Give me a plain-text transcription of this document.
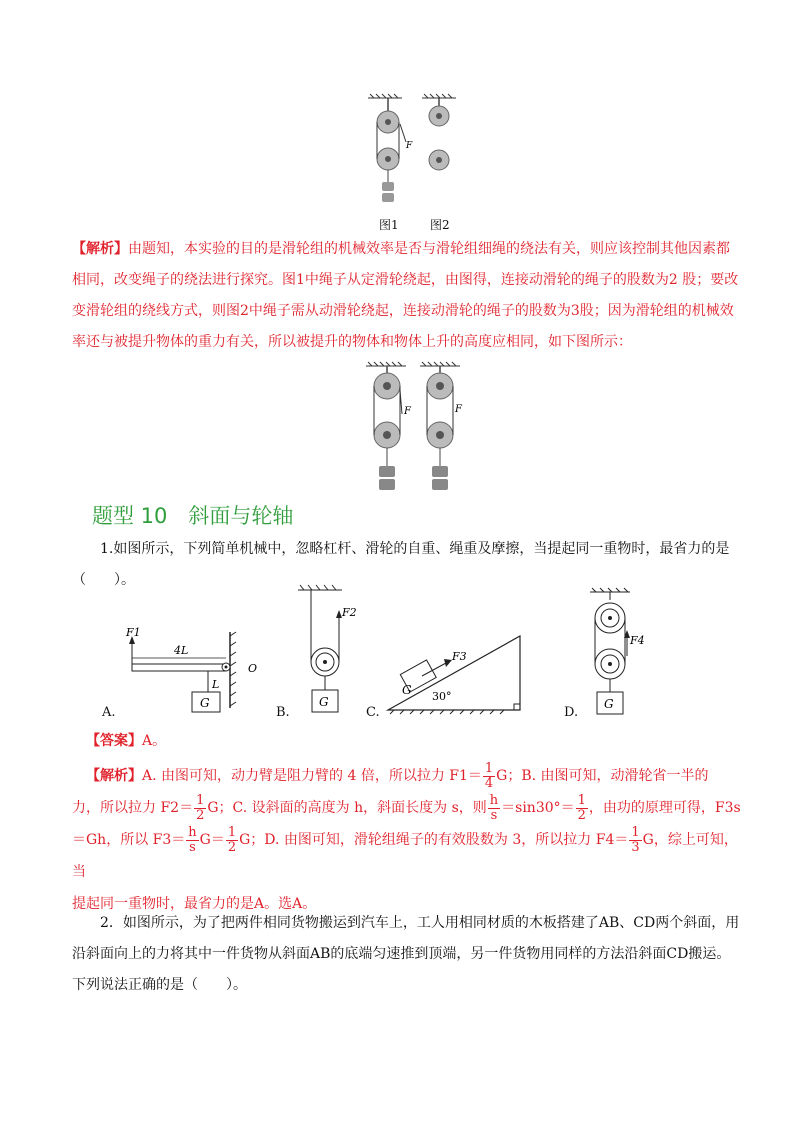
F
图1	图2
【解析】由题知，本实验的目的是滑轮组的机械效率是否与滑轮组细绳的绕法有关，则应该控制其他因素都相同，改变绳子的绕法进行探究。图1中绳子从定滑轮绕起，由图得，连接动滑轮的绳子的股数为2 股；要改变滑轮组的绕线方式，则图2中绳子需从动滑轮绕起，连接动滑轮的绳子的股数为3股；因为滑轮组的机械效率还与被提升物体的重力有关，所以被提升的物体和物体上升的高度应相同，如下图所示：
F	F
题型 10　斜面与轮轴
1.如图所示，下列简单机械中，忽略杠杆、滑轮的自重、绳重及摩擦，当提起同一重物时，最省力的是（　　）。
F1
4L
O
L
G
A.
F2
G
B.
G
F3
30°
C.
F4
G
D.
【答案】A。
【解析】A. 由图可知，动力臂是阻力臂的 4 倍，所以拉力 $F1= \frac{1}{4}$ G；B. 由图可知，动滑轮省一半的
力，所以拉力 $F2= \frac{1}{2}$ G；C. 设斜面的高度为 h，斜面长度为 s，则 $\frac{h}{s} =\sin 30^\circ= \frac{1}{2}$ ，由功的原理可得，F3s
＝Gh，所以 $F3= \frac{h}{s} G= \frac{1}{2}$ G；D. 由图可知，滑轮组绳子的有效股数为 3，所以拉力 $F4= \frac{1}{3}$ G，综上可知，当
提起同一重物时，最省力的是A。选A。
2．如图所示，为了把两件相同货物搬运到汽车上，工人用相同材质的木板搭建了AB、CD两个斜面，用沿斜面向上的力将其中一件货物从斜面AB的底端匀速推到顶端，另一件货物用同样的方法沿斜面CD搬运。下列说法正确的是（　　）。
